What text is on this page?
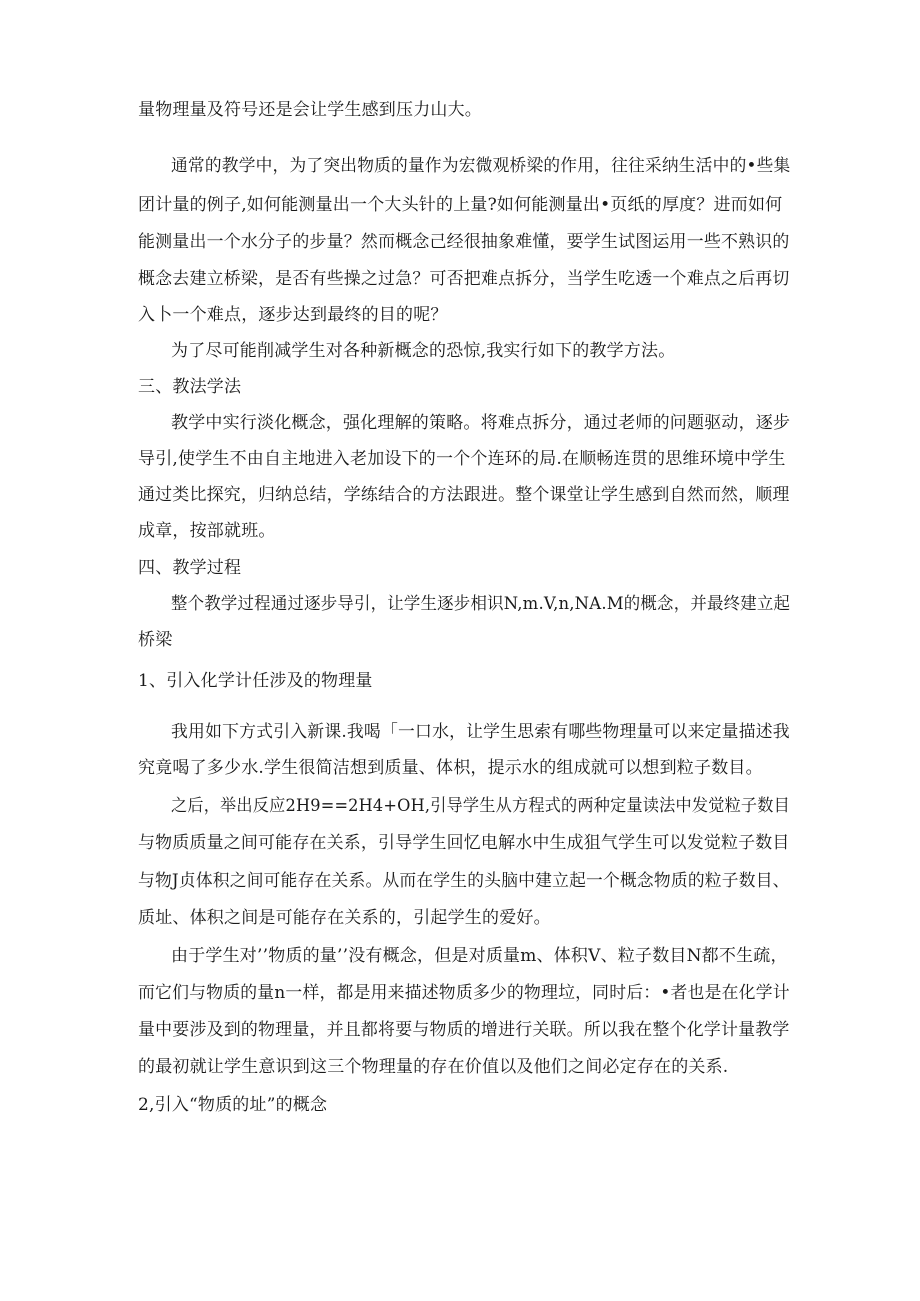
量物理量及符号还是会让学生感到压力山大。
通常的教学中，为了突出物质的量作为宏微观桥梁的作用，往往采纳生活中的•些集
团计量的例子,如何能测量出一个大头针的上量?如何能测量出•页纸的厚度？进而如何
能测量出一个水分子的步量？然而概念己经很抽象难懂，要学生试图运用一些不熟识的
概念去建立桥梁，是否有些操之过急？可否把难点拆分，当学生吃透一个难点之后再切
入卜一个难点，逐步达到最终的目的呢？
为了尽可能削减学生对各种新概念的恐惊,我实行如下的教学方法。
三、教法学法
教学中实行淡化概念，强化理解的策略。将难点拆分，通过老师的问题驱动，逐步
导引,使学生不由自主地进入老加设下的一个个连环的局.在顺畅连贯的思维环境中学生
通过类比探究，归纳总结，学练结合的方法跟进。整个课堂让学生感到自然而然，顺理
成章，按部就班。
四、教学过程
整个教学过程通过逐步导引，让学生逐步相识N,m.V,n,NA.M的概念，并最终建立起
桥梁
1、引入化学计任涉及的物理量
我用如下方式引入新课.我喝「一口水，让学生思索有哪些物理量可以来定量描述我
究竟喝了多少水.学生很简洁想到质量、体枳，提示水的组成就可以想到粒子数目。
之后，举出反应2H9==2H4+OH,引导学生从方程式的两种定量读法中发觉粒子数目
与物质质量之间可能存在关系，引导学生回忆电解水中生成狙气学生可以发觉粒子数目
与物J贞体积之间可能存在关系。从而在学生的头脑中建立起一个概念物质的粒子数目、
质址、体积之间是可能存在关系的，引起学生的爱好。
由于学生对’’物质的量’’没有概念，但是对质量m、体积V、粒子数目N都不生疏，
而它们与物质的量n一样，都是用来描述物质多少的物理垃，同时后：•者也是在化学计
量中要涉及到的物理量，并且都将要与物质的增进行关联。所以我在整个化学计量教学
的最初就让学生意识到这三个物理量的存在价值以及他们之间必定存在的关系.
2,引入“物质的址”的概念
